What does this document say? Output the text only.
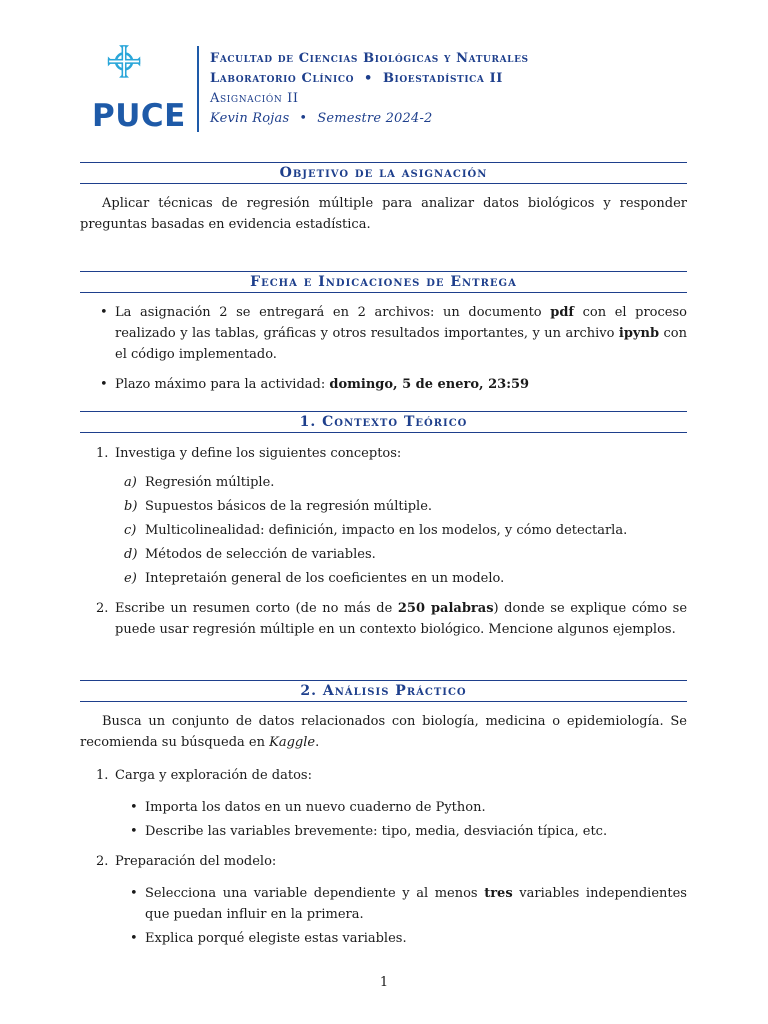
PUCE
Facultad de Ciencias Biológicas y Naturales
Laboratorio Clínico • Bioestadística II
Asignación II
Kevin Rojas • Semestre 2024-2
Objetivo de la asignación
Aplicar técnicas de regresión múltiple para analizar datos biológicos y responder preguntas basadas en evidencia estadística.
Fecha e Indicaciones de Entrega
• La asignación 2 se entregará en 2 archivos: un documento pdf con el proceso realizado y las tablas, gráficas y otros resultados importantes, y un archivo ipynb con el código implementado.
• Plazo máximo para la actividad: domingo, 5 de enero, 23:59
1. Contexto Teórico
1. Investiga y define los siguientes conceptos:
a) Regresión múltiple.
b) Supuestos básicos de la regresión múltiple.
c) Multicolinealidad: definición, impacto en los modelos, y cómo detectarla.
d) Métodos de selección de variables.
e) Intepretaión general de los coeficientes en un modelo.
2. Escribe un resumen corto (de no más de 250 palabras) donde se explique cómo se puede usar regresión múltiple en un contexto biológico. Mencione algunos ejemplos.
2. Análisis Práctico
Busca un conjunto de datos relacionados con biología, medicina o epidemiología. Se recomienda su búsqueda en Kaggle.
1. Carga y exploración de datos:
• Importa los datos en un nuevo cuaderno de Python.
• Describe las variables brevemente: tipo, media, desviación típica, etc.
2. Preparación del modelo:
• Selecciona una variable dependiente y al menos tres variables independientes que puedan influir en la primera.
• Explica porqué elegiste estas variables.
1
